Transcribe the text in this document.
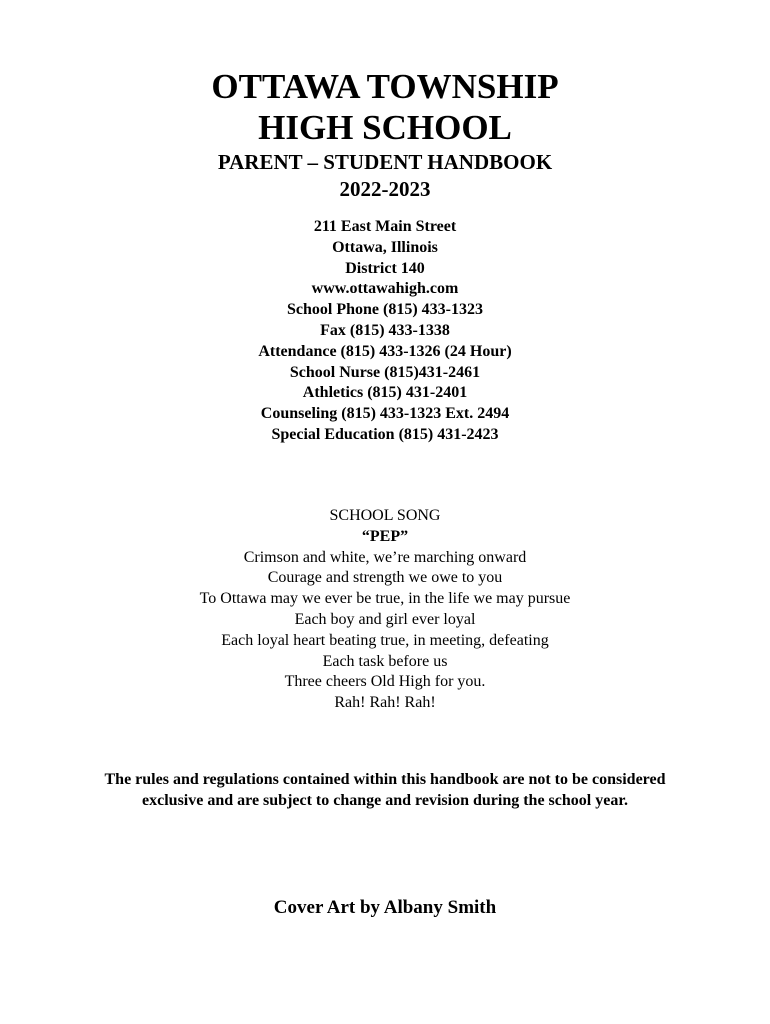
OTTAWA TOWNSHIP
HIGH SCHOOL
PARENT – STUDENT HANDBOOK
2022-2023
211 East Main Street
Ottawa, Illinois
District 140
www.ottawahigh.com
School Phone (815) 433-1323
Fax (815) 433-1338
Attendance (815) 433-1326 (24 Hour)
School Nurse (815)431-2461
Athletics (815) 431-2401
Counseling (815) 433-1323 Ext. 2494
Special Education (815) 431-2423
SCHOOL SONG
“PEP”
Crimson and white, we’re marching onward
Courage and strength we owe to you
To Ottawa may we ever be true, in the life we may pursue
Each boy and girl ever loyal
Each loyal heart beating true, in meeting, defeating
Each task before us
Three cheers Old High for you.
Rah! Rah! Rah!
The rules and regulations contained within this handbook are not to be considered exclusive and are subject to change and revision during the school year.
Cover Art by Albany Smith
